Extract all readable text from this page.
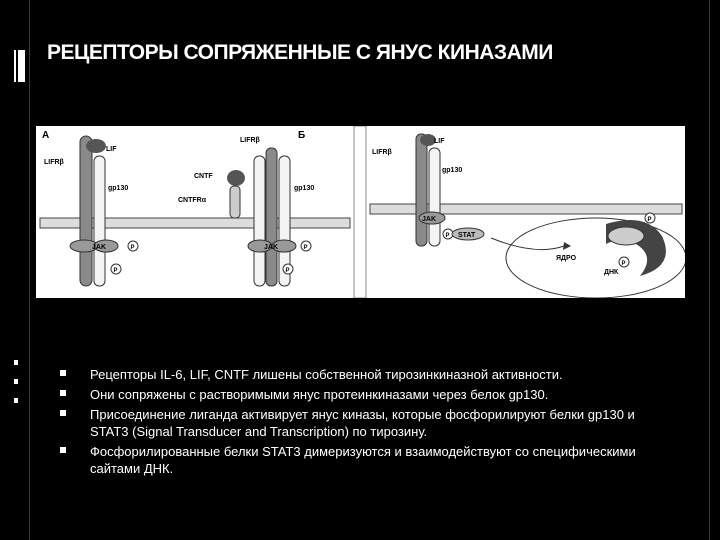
РЕЦЕПТОРЫ СОПРЯЖЕННЫЕ С ЯНУС КИНАЗАМИ
А
LIF
LIFRβ
gp130
JAK	P
P
Б
LIFRβ
CNTF
CNTFRα
gp130
JAK	P
P
ЯДРО
LIF
LIFRβ
gp130
JAK
P STAT
P
P
ДНК
Рецепторы IL-6, LIF, CNTF лишены собственной тирозинкиназной активности.
Они сопряжены с растворимыми янус протеинкиназами через белок gp130.
Присоединение лиганда активирует янус киназы, которые фосфорилируют белки gp130 и STAT3 (Signal Transducer and Transcription) по тирозину.
Фосфорилированные белки STAT3 димеризуются и взаимодействуют со специфическими сайтами ДНК.
